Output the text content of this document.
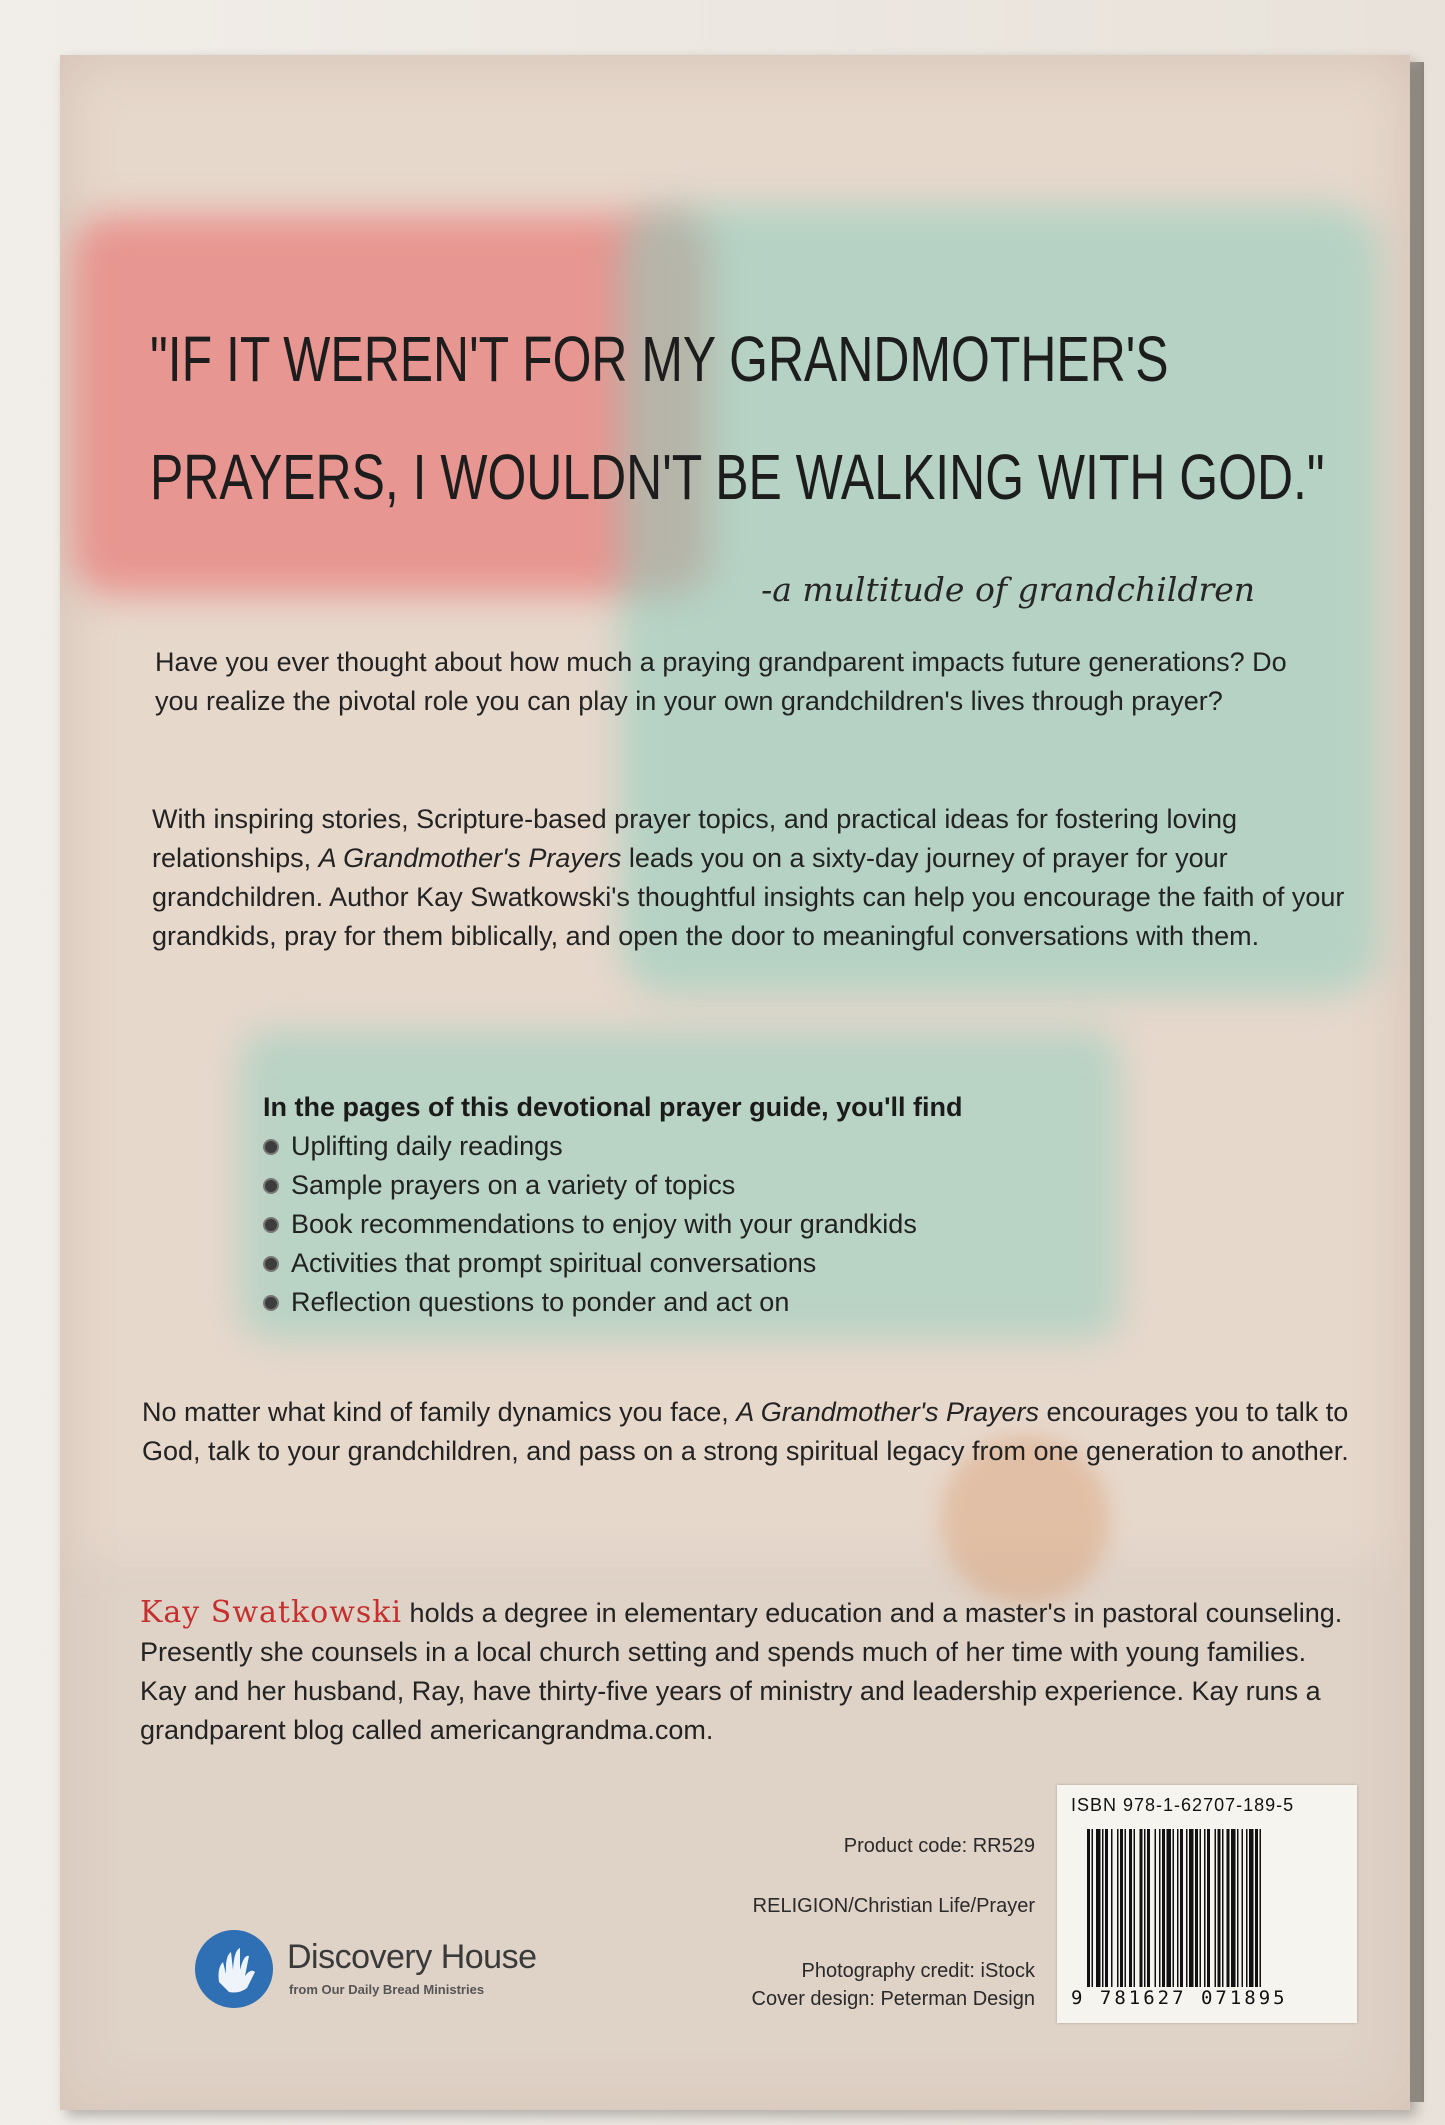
"IF IT WEREN'T FOR MY GRANDMOTHER'S
PRAYERS, I WOULDN'T BE WALKING WITH GOD."
-a multitude of grandchildren
Have you ever thought about how much a praying grandparent impacts future generations? Do you realize the pivotal role you can play in your own grandchildren's lives through prayer?
With inspiring stories, Scripture-based prayer topics, and practical ideas for fostering loving relationships, A Grandmother's Prayers leads you on a sixty-day journey of prayer for your grandchildren. Author Kay Swatkowski's thoughtful insights can help you encourage the faith of your grandkids, pray for them biblically, and open the door to meaningful conversations with them.
In the pages of this devotional prayer guide, you'll find
Uplifting daily readings
Sample prayers on a variety of topics
Book recommendations to enjoy with your grandkids
Activities that prompt spiritual conversations
Reflection questions to ponder and act on
No matter what kind of family dynamics you face, A Grandmother's Prayers encourages you to talk to God, talk to your grandchildren, and pass on a strong spiritual legacy from one generation to another.
Kay Swatkowski holds a degree in elementary education and a master's in pastoral counseling. Presently she counsels in a local church setting and spends much of her time with young families. Kay and her husband, Ray, have thirty-five years of ministry and leadership experience. Kay runs a grandparent blog called americangrandma.com.
Product code: RR529
RELIGION/Christian Life/Prayer
Photography credit: iStock
Cover design: Peterman Design
ISBN 978-1-62707-189-5
9 781627 071895
Discovery House
from Our Daily Bread Ministries
